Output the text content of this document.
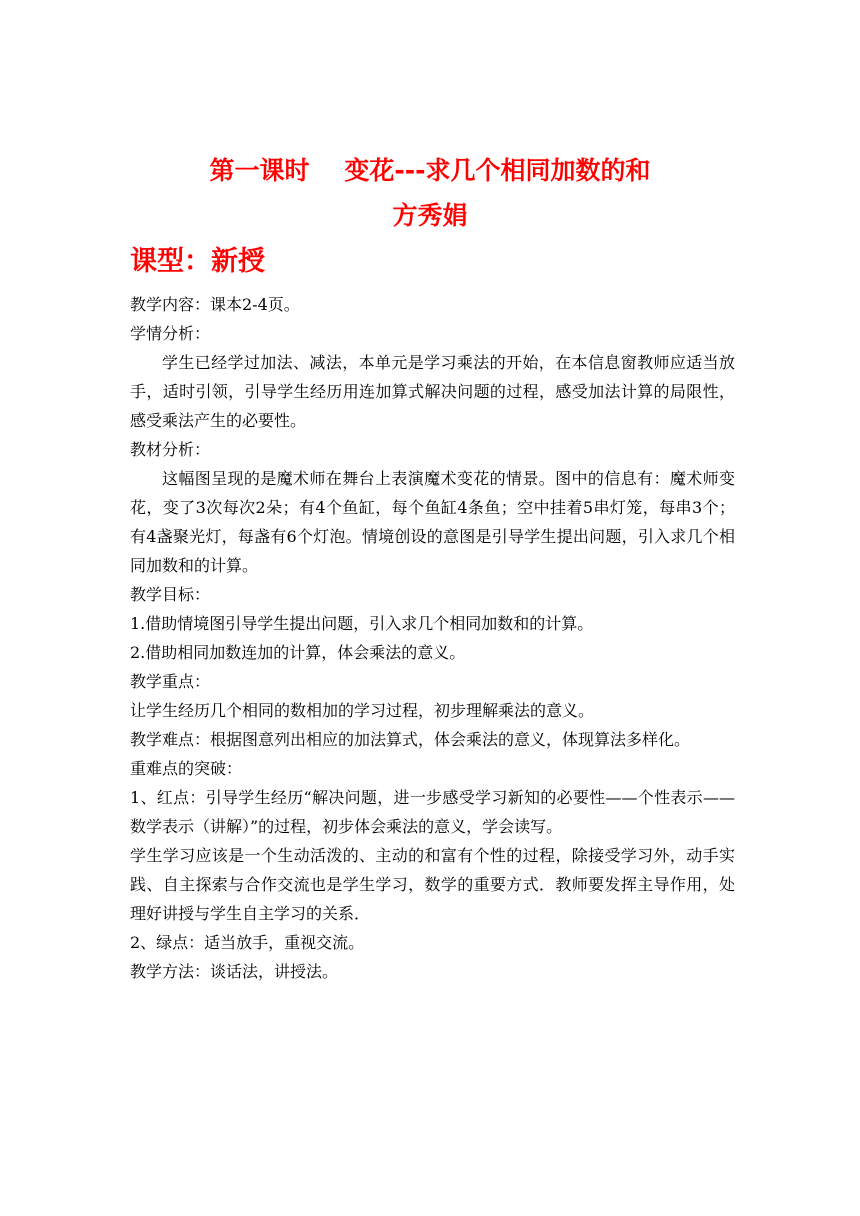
第一课时    变花---求几个相同加数的和
方秀娟
课型：新授

教学内容：课本2-4页。

学情分析：

学生已经学过加法、减法，本单元是学习乘法的开始，在本信息窗教师应适当放手，适时引领，引导学生经历用连加算式解决问题的过程，感受加法计算的局限性，感受乘法产生的必要性。

教材分析：

这幅图呈现的是魔术师在舞台上表演魔术变花的情景。图中的信息有：魔术师变花，变了3次每次2朵；有4个鱼缸，每个鱼缸4条鱼；空中挂着5串灯笼，每串3个；有4盏聚光灯，每盏有6个灯泡。情境创设的意图是引导学生提出问题，引入求几个相同加数和的计算。

教学目标：

1.借助情境图引导学生提出问题，引入求几个相同加数和的计算。

2.借助相同加数连加的计算，体会乘法的意义。

教学重点：

让学生经历几个相同的数相加的学习过程，初步理解乘法的意义。

教学难点：根据图意列出相应的加法算式，体会乘法的意义，体现算法多样化。

重难点的突破：

1、红点：引导学生经历“解决问题，进一步感受学习新知的必要性——个性表示——数学表示（讲解）”的过程，初步体会乘法的意义，学会读写。

学生学习应该是一个生动活泼的、主动的和富有个性的过程，除接受学习外，动手实践、自主探索与合作交流也是学生学习，数学的重要方式．教师要发挥主导作用，处理好讲授与学生自主学习的关系．

2、绿点：适当放手，重视交流。

教学方法：谈话法，讲授法。
